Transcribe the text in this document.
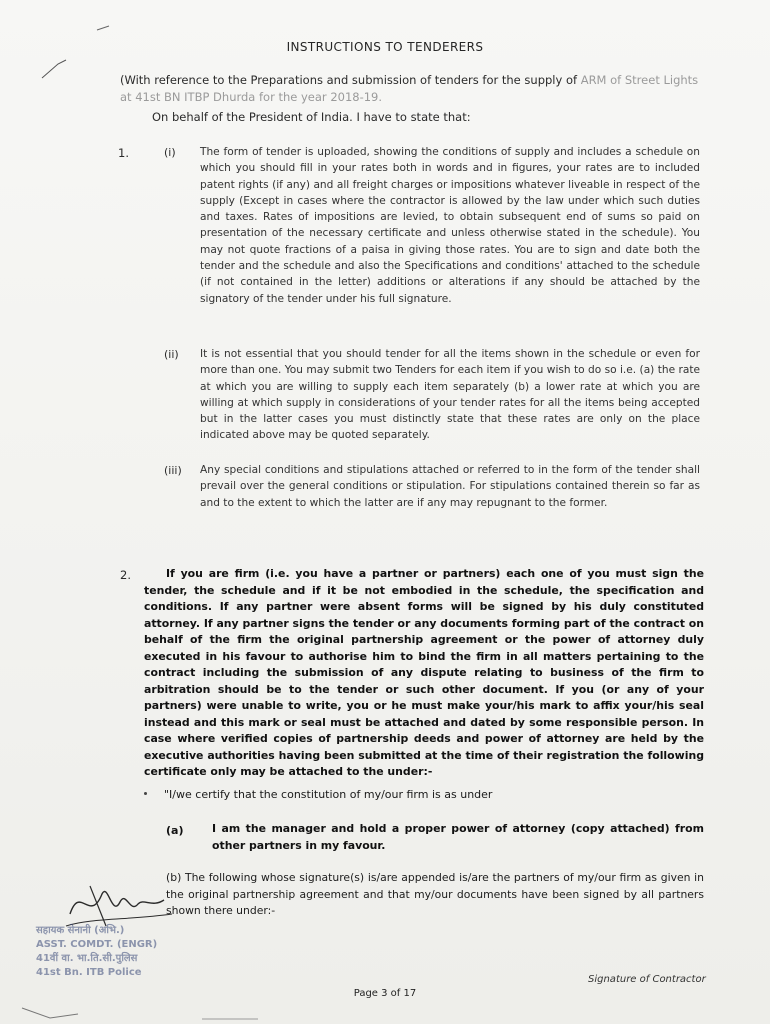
INSTRUCTIONS TO TENDERERS
(With reference to the Preparations and submission of tenders for the supply of ARM of Street Lights at 41st BN ITBP Dhurda for the year 2018-19.
On behalf of the President of India. I have to state that:
1.	(i) The form of tender is uploaded, showing the conditions of supply and includes a schedule on which you should fill in your rates both in words and in figures, your rates are to included patent rights (if any) and all freight charges or impositions whatever liveable in respect of the supply (Except in cases where the contractor is allowed by the law under which such duties and taxes. Rates of impositions are levied, to obtain subsequent end of sums so paid on presentation of the necessary certificate and unless otherwise stated in the schedule). You may not quote fractions of a paisa in giving those rates. You are to sign and date both the tender and the schedule and also the Specifications and conditions' attached to the schedule (if not contained in the letter) additions or alterations if any should be attached by the signatory of the tender under his full signature.
(ii) It is not essential that you should tender for all the items shown in the schedule or even for more than one. You may submit two Tenders for each item if you wish to do so i.e. (a) the rate at which you are willing to supply each item separately (b) a lower rate at which you are willing at which supply in considerations of your tender rates for all the items being accepted but in the latter cases you must distinctly state that these rates are only on the place indicated above may be quoted separately.
(iii) Any special conditions and stipulations attached or referred to in the form of the tender shall prevail over the general conditions or stipulation. For stipulations contained therein so far as and to the extent to which the latter are if any may repugnant to the former.
2.	If you are firm (i.e. you have a partner or partners) each one of you must sign the tender, the schedule and if it be not embodied in the schedule, the specification and conditions. If any partner were absent forms will be signed by his duly constituted attorney. If any partner signs the tender or any documents forming part of the contract on behalf of the firm the original partnership agreement or the power of attorney duly executed in his favour to authorise him to bind the firm in all matters pertaining to the contract including the submission of any dispute relating to business of the firm to arbitration should be to the tender or such other document. If you (or any of your partners) were unable to write, you or he must make your/his mark to affix your/his seal instead and this mark or seal must be attached and dated by some responsible person. In case where verified copies of partnership deeds and power of attorney are held by the executive authorities having been submitted at the time of their registration the following certificate only may be attached to the under:-
"I/we certify that the constitution of my/our firm is as under
(a)	I am the manager and hold a proper power of attorney (copy attached) from other partners in my favour.
(b) The following whose signature(s) is/are appended is/are the partners of my/our firm as given in the original partnership agreement and that my/our documents have been signed by all partners shown there under:-
सहायक सेनानी (अभि.)
ASST. COMDT. (ENGR)
41वीं वा. भा.ति.सी.पुलिस
41st Bn. ITB Police
Signature of Contractor
Page 3 of 17
